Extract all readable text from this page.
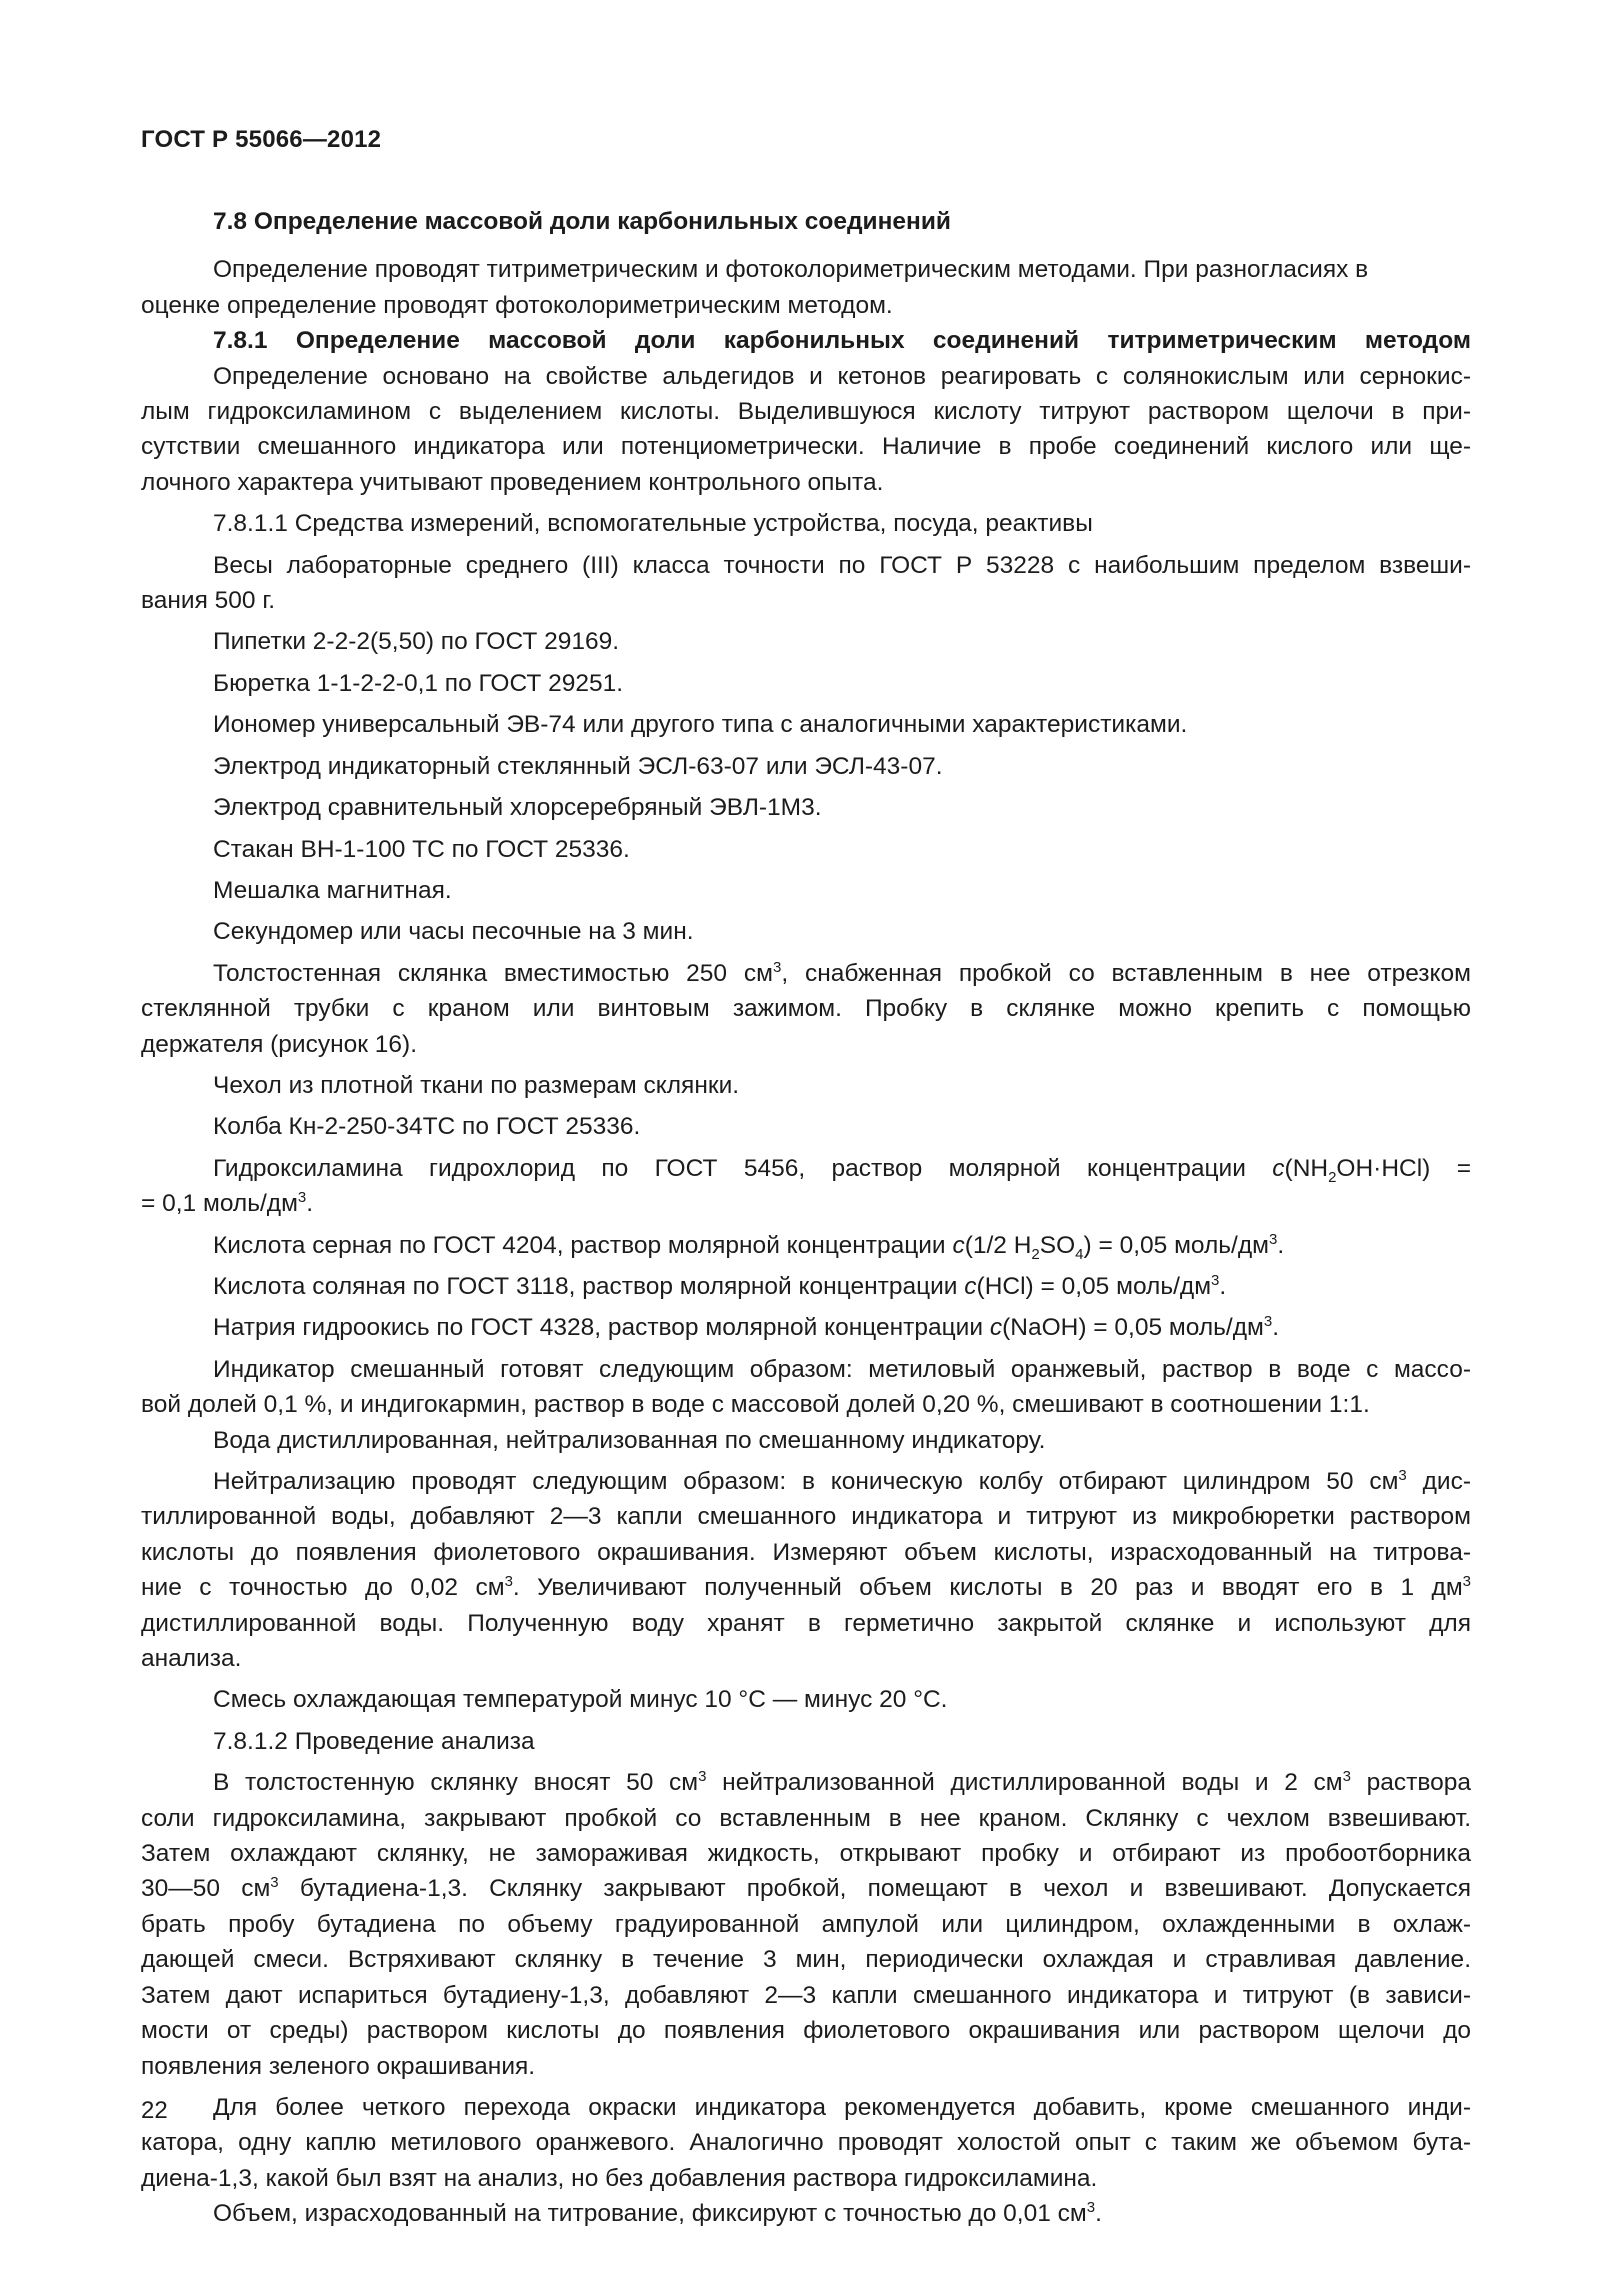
ГОСТ Р 55066—2012
7.8 Определение массовой доли карбонильных соединений
Определение проводят титриметрическим и фотоколориметрическим методами. При разногласиях в
оценке определение проводят фотоколориметрическим методом.
7.8.1 Определение массовой доли карбонильных соединений титриметрическим методом
Определение основано на свойстве альдегидов и кетонов реагировать с солянокислым или сернокис-
лым гидроксиламином с выделением кислоты. Выделившуюся кислоту титруют раствором щелочи в при-
сутствии смешанного индикатора или потенциометрически. Наличие в пробе соединений кислого или ще-
лочного характера учитывают проведением контрольного опыта.
7.8.1.1 Средства измерений, вспомогательные устройства, посуда, реактивы
Весы лабораторные среднего (III) класса точности по ГОСТ Р 53228 с наибольшим пределом взвеши-
вания 500 г.
Пипетки 2-2-2(5,50) по ГОСТ 29169.
Бюретка 1-1-2-2-0,1 по ГОСТ 29251.
Иономер универсальный ЭВ-74 или другого типа с аналогичными характеристиками.
Электрод индикаторный стеклянный ЭСЛ-63-07 или ЭСЛ-43-07.
Электрод сравнительный хлорсеребряный ЭВЛ-1М3.
Стакан ВН-1-100 ТС по ГОСТ 25336.
Мешалка магнитная.
Секундомер или часы песочные на 3 мин.
Толстостенная склянка вместимостью 250 $см^3$, снабженная пробкой со вставленным в нее отрезком
стеклянной трубки с краном или винтовым зажимом. Пробку в склянке можно крепить с помощью
держателя (рисунок 16).
Чехол из плотной ткани по размерам склянки.
Колба Кн-2-250-34ТС по ГОСТ 25336.
Гидроксиламина гидрохлорид по ГОСТ 5456, раствор молярной концентрации $c(NH_2OH\cdot HCl)$ =
= 0,1 моль/$дм^3$.
Кислота серная по ГОСТ 4204, раствор молярной концентрации c(1/2 $H_2SO_4) = 0,05$ моль/$дм^3$.
Кислота соляная по ГОСТ 3118, раствор молярной концентрации c(HCl) = 0,05 моль/$дм^3$.
Натрия гидроокись по ГОСТ 4328, раствор молярной концентрации c(NaOH) = 0,05 моль/$дм^3$.
Индикатор смешанный готовят следующим образом: метиловый оранжевый, раствор в воде с массо-
вой долей 0,1 %, и индигокармин, раствор в воде с массовой долей 0,20 %, смешивают в соотношении 1:1.
Вода дистиллированная, нейтрализованная по смешанному индикатору.
Нейтрализацию проводят следующим образом: в коническую колбу отбирают цилиндром 50 $см^3$ дис-
тиллированной воды, добавляют 2—3 капли смешанного индикатора и титруют из микробюретки раствором
кислоты до появления фиолетового окрашивания. Измеряют объем кислоты, израсходованный на титрова-
ние с точностью до 0,02 $см^3$. Увеличивают полученный объем кислоты в 20 раз и вводят его в 1 $дм^3$
дистиллированной воды. Полученную воду хранят в герметично закрытой склянке и используют для
анализа.
Смесь охлаждающая температурой минус 10 °С — минус 20 °С.
7.8.1.2 Проведение анализа
В толстостенную склянку вносят 50 $см^3$ нейтрализованной дистиллированной воды и 2 $см^3$ раствора
соли гидроксиламина, закрывают пробкой со вставленным в нее краном. Склянку с чехлом взвешивают.
Затем охлаждают склянку, не замораживая жидкость, открывают пробку и отбирают из пробоотборника
30—50 $см^3$ бутадиена-1,3. Склянку закрывают пробкой, помещают в чехол и взвешивают. Допускается
брать пробу бутадиена по объему градуированной ампулой или цилиндром, охлажденными в охлаж-
дающей смеси. Встряхивают склянку в течение 3 мин, периодически охлаждая и стравливая давление.
Затем дают испариться бутадиену-1,3, добавляют 2—3 капли смешанного индикатора и титруют (в зависи-
мости от среды) раствором кислоты до появления фиолетового окрашивания или раствором щелочи до
появления зеленого окрашивания.
Для более четкого перехода окраски индикатора рекомендуется добавить, кроме смешанного инди-
катора, одну каплю метилового оранжевого. Аналогично проводят холостой опыт с таким же объемом бута-
диена-1,3, какой был взят на анализ, но без добавления раствора гидроксиламина.
Объем, израсходованный на титрование, фиксируют с точностью до 0,01 $см^3$.
22
